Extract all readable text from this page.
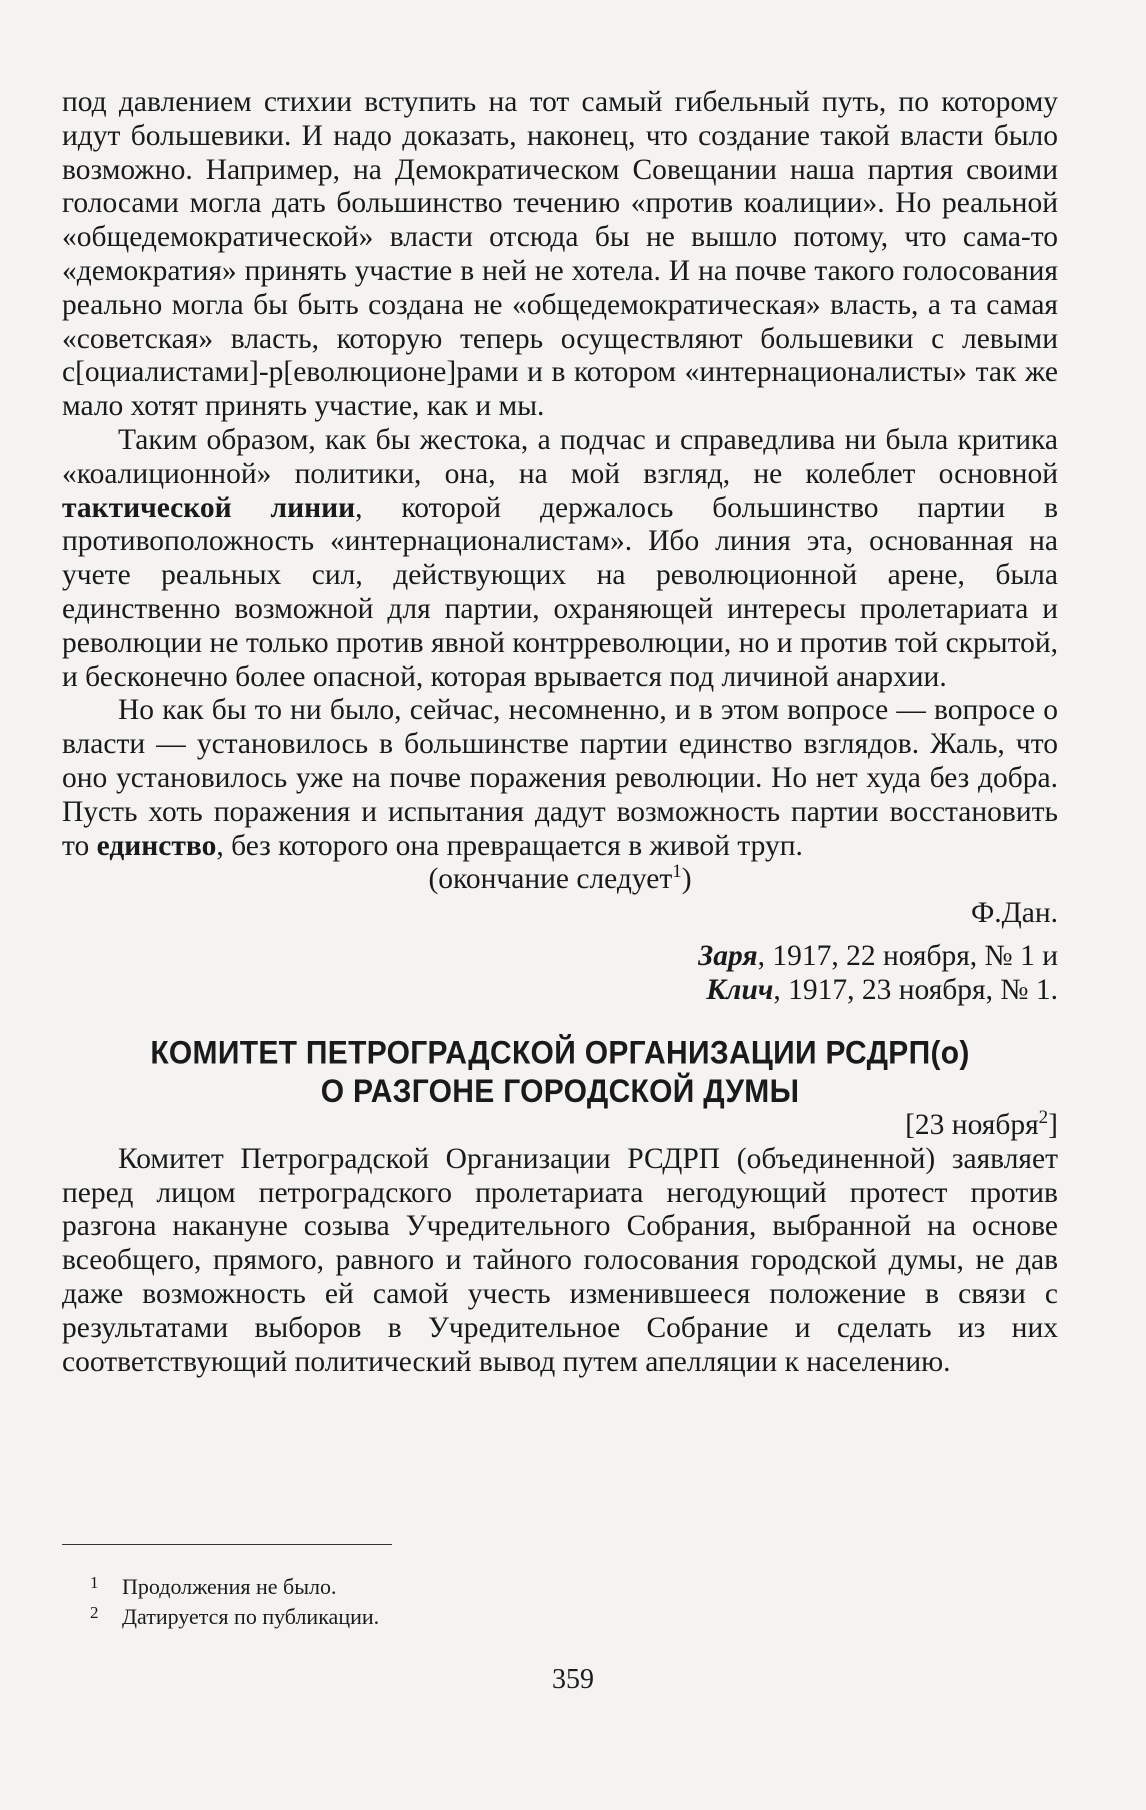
под давлением стихии вступить на тот самый гибельный путь, по которому идут большевики. И надо доказать, наконец, что создание такой власти было возможно. Например, на Демократическом Совещании наша партия своими голосами могла дать большинство течению «против коалиции». Но реальной «общедемократической» власти отсюда бы не вышло потому, что сама-то «демократия» принять участие в ней не хотела. И на почве такого голосования реально могла бы быть создана не «общедемократическая» власть, а та самая «советская» власть, которую теперь осуществляют большевики с левыми с[оциалистами]-р[еволюционе]рами и в котором «интернационалисты» так же мало хотят принять участие, как и мы.

Таким образом, как бы жестока, а подчас и справедлива ни была критика «коалиционной» политики, она, на мой взгляд, не колеблет основной тактической линии, которой держалось большинство партии в противоположность «интернационалистам». Ибо линия эта, основанная на учете реальных сил, действующих на революционной арене, была единственно возможной для партии, охраняющей интересы пролетариата и революции не только против явной контрреволюции, но и против той скрытой, и бесконечно более опасной, которая врывается под личиной анархии.

Но как бы то ни было, сейчас, несомненно, и в этом вопросе — вопросе о власти — установилось в большинстве партии единство взглядов. Жаль, что оно установилось уже на почве поражения революции. Но нет худа без добра. Пусть хоть поражения и испытания дадут возможность партии восстановить то единство, без которого она превращается в живой труп.

(окончание следует$^1$)

Ф.Дан.

Заря, 1917, 22 ноября, № 1 и
Клич, 1917, 23 ноября, № 1.
КОМИТЕТ ПЕТРОГРАДСКОЙ ОРГАНИЗАЦИИ РСДРП(о)
О РАЗГОНЕ ГОРОДСКОЙ ДУМЫ

[23 ноября$^2$]

Комитет Петроградской Организации РСДРП (объединенной) заявляет перед лицом петроградского пролетариата негодующий протест против разгона накануне созыва Учредительного Собрания, выбранной на основе всеобщего, прямого, равного и тайного голосования городской думы, не дав даже возможность ей самой учесть изменившееся положение в связи с результатами выборов в Учредительное Собрание и сделать из них соответствующий политический вывод путем апелляции к населению.

1	Продолжения не было.
2	Датируется по публикации.
359
